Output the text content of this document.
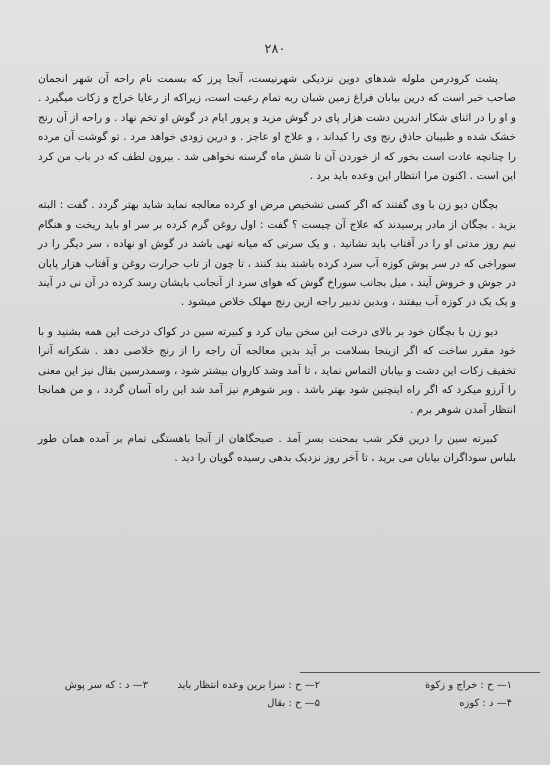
۲۸۰

پشت کرودرمن ملوله شدهای دوین نزدیکی شهرنیست، آنجا پرز که بسمت نام راحه آن شهر انجمان صاحب خبر است که درین بیابان فراغ زمین شبان ربه تمام رعیت است، زیراکه از رعایا خراج و زکات میگیرد . و او را در اثنای شکار اندرین دشت هزار پای در گوش مزید و پرور ایام در گوش او تخم نهاد . و راحه از آن رنج خشک شده و طبیبان حاذق رنج وی را کیداند ، و علاج او عاجز . و درین زودی خواهد مرد . تو گوشت آن مرده را چنانچه عادت است بخور که از خوردن آن تا شش ماه گرسنه نخواهی شد . بیرون لطف که در باب من کرد این است . اکنون مرا انتظار این وعده باید برد .

بچگان دیو زن با وی گفتند که اگر کسی تشخیص مرض او کرده معالجه نماید شاید بهتر گردد . گفت : البته بزید . بچگان از مادر پرسیدند که علاج آن چیست ؟ گفت : اول روغن گرم کرده بر سر او باید ریخت و هنگام نیم روز مدتی او را در آفتاب باید نشانید . و یک سرنی که میانه تهی باشد در گوش او نهاده ، سر دیگر را در سوراخی که در سر پوش کوزه آب سرد کرده باشند بند کنند ، تا چون از تاب حرارت روغن و آفتاب هزار پایان در جوش و خروش آیند ، میل بجانب سوراخ گوش که هوای سرد از آنجانب بایشان رسد کرده در آن نی در آیند و یک یک در کوزه آب بیفتند ، وبدین تدبیر راجه ازین رنج مهلک خلاص میشود .

دیو زن با بچگان خود بر بالای درخت این سخن بیان کرد و کبیرته سین در کواک درخت این همه بشنید و با خود مقرر ساخت که اگر ازینجا بسلامت بر آید بدین معالجه آن راجه را از رنج خلاصی دهد . شکرانه آنرا تخفیف زکات این دشت و بیابان التماس نماید ، تا آمد وشد کاروان بیشتر شود ، وسمدرسین بقال نیز این معنی را آرزو میکرد که اگر راه اینچنین شود بهتر باشد . وبر شوهرم نیز آمد شد این راه آسان گردد ، و من همانجا انتظار آمدن شوهر برم .

کبیرته سین را درین فکر شب بمحنت بسر آمد . صبحگاهان از آنجا باهستگی تمام بر آمده همان طور بلباس سوداگران بیابان می برید ، تا آخر روز نزدیک بدهی رسیده گویان را دید .

۱— ح : خراج و زکوة
۴— د : کوزه
۲— ح : سزا برین وعده انتظار باید
۵— ح : بقال
۳— د : که سر پوش
